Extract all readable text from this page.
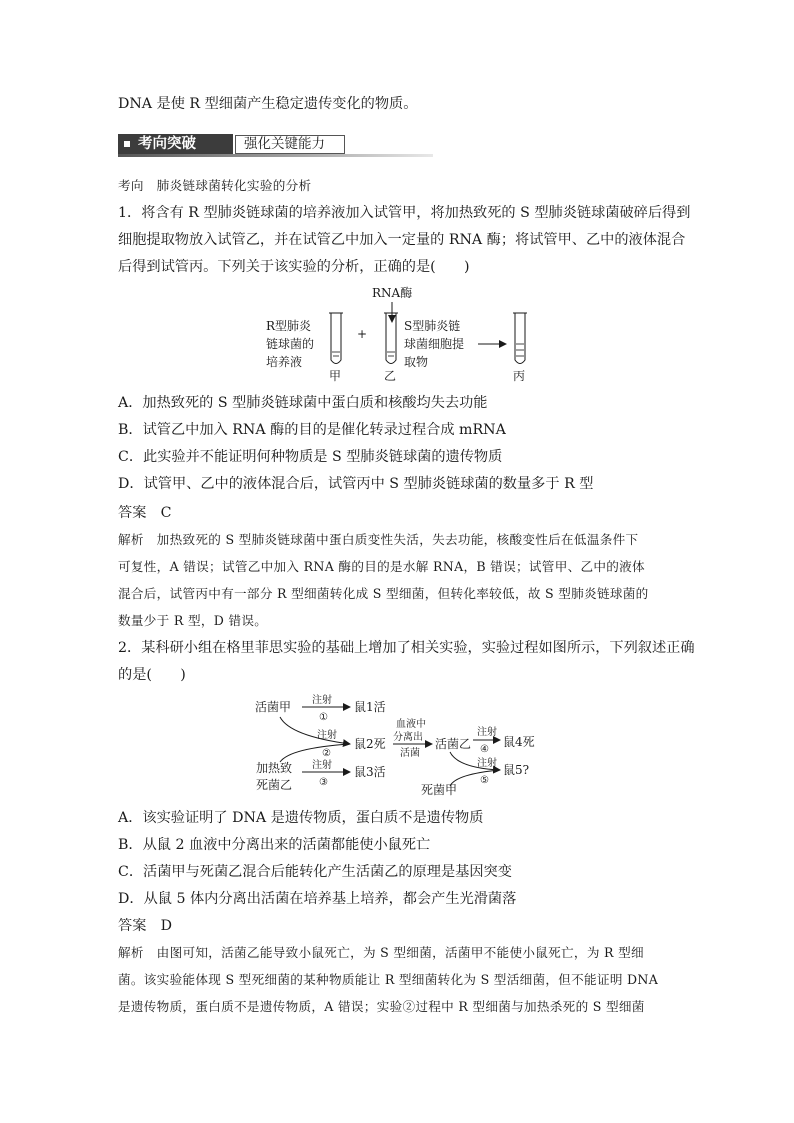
DNA 是使 R 型细菌产生稳定遗传变化的物质。
考向突破	强化关键能力
考向　肺炎链球菌转化实验的分析
1．将含有 R 型肺炎链球菌的培养液加入试管甲，将加热致死的 S 型肺炎链球菌破碎后得到
细胞提取物放入试管乙，并在试管乙中加入一定量的 RNA 酶；将试管甲、乙中的液体混合
后得到试管丙。下列关于该实验的分析，正确的是(　　)
RNA酶
R型肺炎
链球菌的
培养液
甲
+
乙
S型肺炎链
球菌细胞提
取物
丙
A．加热致死的 S 型肺炎链球菌中蛋白质和核酸均失去功能
B．试管乙中加入 RNA 酶的目的是催化转录过程合成 mRNA
C．此实验并不能证明何种物质是 S 型肺炎链球菌的遗传物质
D．试管甲、乙中的液体混合后，试管丙中 S 型肺炎链球菌的数量多于 R 型
答案　C
解析　加热致死的 S 型肺炎链球菌中蛋白质变性失活，失去功能，核酸变性后在低温条件下
可复性，A 错误；试管乙中加入 RNA 酶的目的是水解 RNA，B 错误；试管甲、乙中的液体
混合后，试管丙中有一部分 R 型细菌转化成 S 型细菌，但转化率较低，故 S 型肺炎链球菌的
数量少于 R 型，D 错误。
2．某科研小组在格里菲思实验的基础上增加了相关实验，实验过程如图所示，下列叙述正确
的是(　　)
活菌甲 注射
①
鼠1活
注射
②
鼠2死
血液中
分离出
活菌
活菌乙
注射
④
鼠4死
加热致
死菌乙
注射
③
鼠3活
注射
⑤
鼠5?
死菌甲
A．该实验证明了 DNA 是遗传物质，蛋白质不是遗传物质
B．从鼠 2 血液中分离出来的活菌都能使小鼠死亡
C．活菌甲与死菌乙混合后能转化产生活菌乙的原理是基因突变
D．从鼠 5 体内分离出活菌在培养基上培养，都会产生光滑菌落
答案　D
解析　由图可知，活菌乙能导致小鼠死亡，为 S 型细菌，活菌甲不能使小鼠死亡，为 R 型细
菌。该实验能体现 S 型死细菌的某种物质能让 R 型细菌转化为 S 型活细菌，但不能证明 DNA
是遗传物质，蛋白质不是遗传物质，A 错误；实验②过程中 R 型细菌与加热杀死的 S 型细菌
